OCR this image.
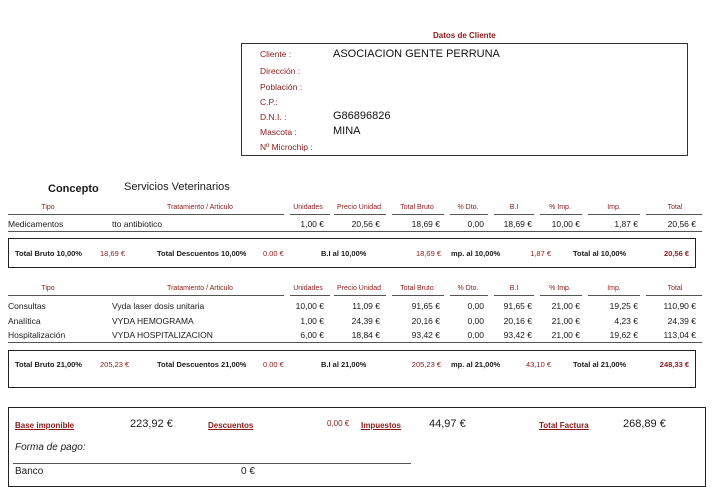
Datos de Cliente
Cliente :	ASOCIACION GENTE PERRUNA
Dirección :
Población :
C.P.:
D.N.I. :	G86896826
Mascota :	MINA
Nº Microchip :
Concepto Servicios Veterinarios
Tipo	Tratamiento / Articulo	Unidades	Precio Unidad	Total Bruto	% Dto.	B.I	% Imp.	Imp.	Total
Medicamentos	tto antibiotico	1,00 €	20,56 €	18,69 €	0,00	18,69 €	10,00 €	1,87 €	20,56 €
Total Bruto 10,00% 18,69 €	Total Descuentos 10,00% 0.00 €	B.I al 10,00%	18,69 € mp. al 10,00%	1,87 €	Total al 10,00%	20,56 €
Tipo	Tratamiento / Articulo	Unidades	Precio Unidad	Total Bruto	% Dto.	B.I	% Imp.	Imp.	Total
Consultas	Vyda laser dosis unitaria	10,00 €	11,09 €	91,65 €	0,00	91,65 €	21,00 €	19,25 €	110,90 €
Analítica	VYDA HEMOGRAMA	1,00 €	24,39 €	20,16 €	0,00	20,16 €	21,00 €	4,23 €	24,39 €
Hospitalización	VYDA HOSPITALIZACION	6,00 €	18,84 €	93,42 €	0,00	93,42 €	21,00 €	19,62 €	113,04 €
Total Bruto 21,00% 205,23 €	Total Descuentos 21,00% 0.00 €	B.I al 21,00%	205,23 € mp. al 21,00%	43,10 €	Total al 21,00%	248,33 €
Base imponible	223,92 €	Descuentos	0,00 € Impuestos	44,97 €	Total Factura	268,89 €
Forma de pago:
Banco	0 €
